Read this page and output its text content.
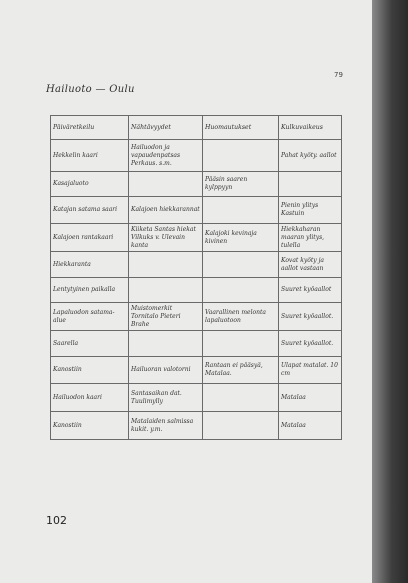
79
Hailuoto — Oulu
Päiväretkeilu	Nähtävyydet	Huomautukset	Kulkuvaikeus
Hekkelin kaari	Hailuodon ja vapaudenpatsas Perkaus. s.m.		Pahat kyöty. aallot
Kasajaluoto		Pääsin saaren kylppyyn	
Katajan satama saari	Kalajoen hiekkarannat		Pienin ylitys Kastuin
Kalajoen rantakaari	Kiiketa Santas hiekat Vilkuks v. Ulevain kanta	Kalajoki kevinaja kivinen	Hiekkaharan maaran ylitys, tulella
Hiekkaranta			Kovat kyöty ja aallot vastaan
Lentytyinen paikalla			Suuret kyöaallot
Lapaluodon satama-alue	Muistomerkit Tornitalo Pieteri Brahe	Vaarallinen melonta lapaluotoon	Suuret kyöaallot.
Saarella			Suuret kyöaallot.
Kanostiin	Hailuoran valotorni	Rantaan ei pääsyä, Matalaa.	Ulapat matalat. 10 cm
Hailuodon kaari	Santasaikan dat. Tuulimylly		Matalaa
Kanostiin	Matalaiden salmissa kukit. y.m.		Matalaa
102
